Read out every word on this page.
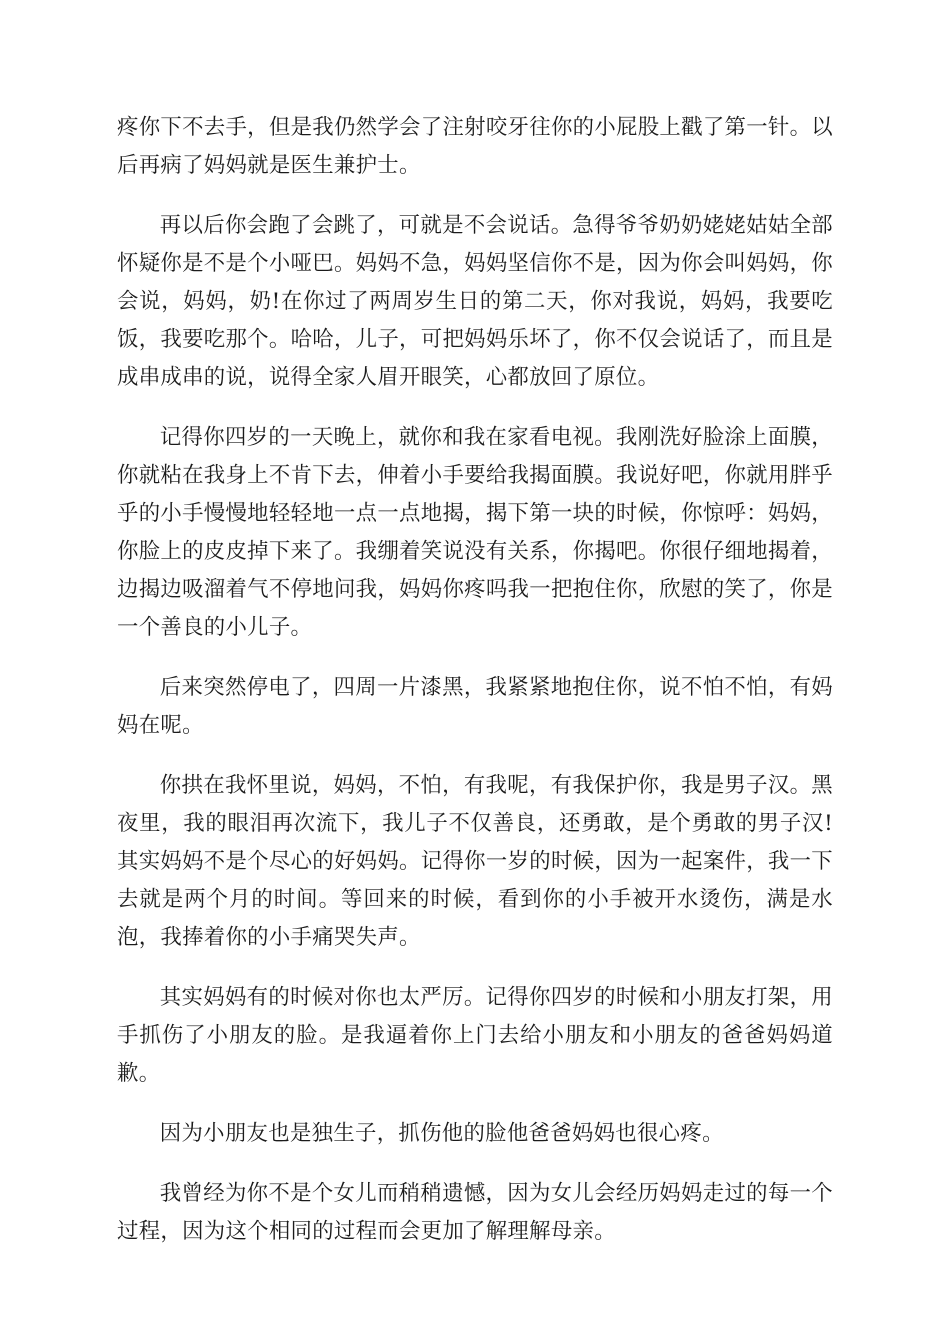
疼你下不去手，但是我仍然学会了注射咬牙往你的小屁股上戳了第一针。以后再病了妈妈就是医生兼护士。

再以后你会跑了会跳了，可就是不会说话。急得爷爷奶奶姥姥姑姑全部怀疑你是不是个小哑巴。妈妈不急，妈妈坚信你不是，因为你会叫妈妈，你会说，妈妈，奶!在你过了两周岁生日的第二天，你对我说，妈妈，我要吃饭，我要吃那个。哈哈，儿子，可把妈妈乐坏了，你不仅会说话了，而且是成串成串的说，说得全家人眉开眼笑，心都放回了原位。

记得你四岁的一天晚上，就你和我在家看电视。我刚洗好脸涂上面膜，你就粘在我身上不肯下去，伸着小手要给我揭面膜。我说好吧，你就用胖乎乎的小手慢慢地轻轻地一点一点地揭，揭下第一块的时候，你惊呼：妈妈，你脸上的皮皮掉下来了。我绷着笑说没有关系，你揭吧。你很仔细地揭着，边揭边吸溜着气不停地问我，妈妈你疼吗我一把抱住你，欣慰的笑了，你是一个善良的小儿子。

后来突然停电了，四周一片漆黑，我紧紧地抱住你，说不怕不怕，有妈妈在呢。

你拱在我怀里说，妈妈，不怕，有我呢，有我保护你，我是男子汉。黑夜里，我的眼泪再次流下，我儿子不仅善良，还勇敢，是个勇敢的男子汉!其实妈妈不是个尽心的好妈妈。记得你一岁的时候，因为一起案件，我一下去就是两个月的时间。等回来的时候，看到你的小手被开水烫伤，满是水泡，我捧着你的小手痛哭失声。

其实妈妈有的时候对你也太严厉。记得你四岁的时候和小朋友打架，用手抓伤了小朋友的脸。是我逼着你上门去给小朋友和小朋友的爸爸妈妈道歉。

因为小朋友也是独生子，抓伤他的脸他爸爸妈妈也很心疼。

我曾经为你不是个女儿而稍稍遗憾，因为女儿会经历妈妈走过的每一个过程，因为这个相同的过程而会更加了解理解母亲。
